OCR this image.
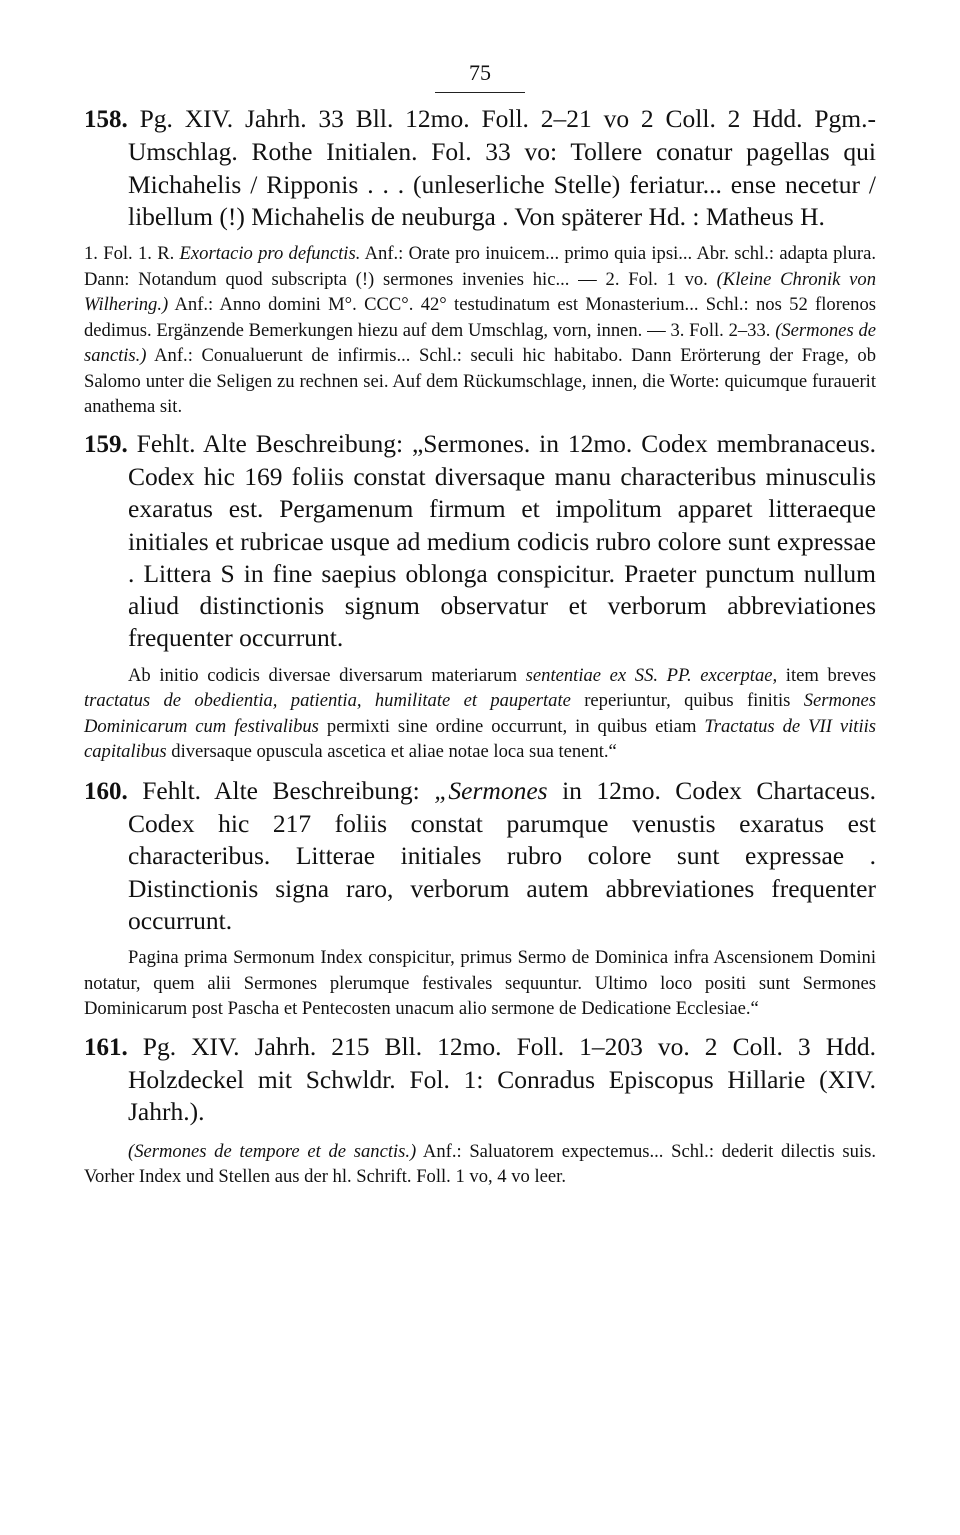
75

158. Pg. XIV. Jahrh. 33 Bll. 12mo. Foll. 2–21 vo 2 Coll. 2 Hdd. Pgm.-Umschlag. Rothe Initialen. Fol. 33 vo: Tollere conatur pagellas qui Michahelis / Ripponis . . . (unleserliche Stelle) feriatur... ense necetur / libellum (!) Michahelis de neuburga . Von späterer Hd. : Matheus H.

1. Fol. 1. R. Exortacio pro defunctis. Anf.: Orate pro inuicem... primo quia ipsi... Abr. schl.: adapta plura. Dann: Notandum quod subscripta (!) sermones invenies hic... — 2. Fol. 1 vo. (Kleine Chronik von Wilhering.) Anf.: Anno domini M°. CCC°. 42° testudinatum est Monasterium... Schl.: nos 52 florenos dedimus. Ergänzende Bemerkungen hiezu auf dem Umschlag, vorn, innen. — 3. Foll. 2–33. (Sermones de sanctis.) Anf.: Conualuerunt de infirmis... Schl.: seculi hic habitabo. Dann Erörterung der Frage, ob Salomo unter die Seligen zu rechnen sei. Auf dem Rückumschlage, innen, die Worte: quicumque furauerit anathema sit.

159. Fehlt. Alte Beschreibung: „Sermones. in 12mo. Codex membranaceus. Codex hic 169 foliis constat diversaque manu characteribus minusculis exaratus est. Pergamenum firmum et impolitum apparet litteraeque initiales et rubricae usque ad medium codicis rubro colore sunt expressae . Littera S in fine saepius oblonga conspicitur. Praeter punctum nullum aliud distinctionis signum observatur et verborum abbreviationes frequenter occurrunt.

Ab initio codicis diversae diversarum materiarum sententiae ex SS. PP. excerptae, item breves tractatus de obedientia, patientia, humilitate et paupertate reperiuntur, quibus finitis Sermones Dominicarum cum festivalibus permixti sine ordine occurrunt, in quibus etiam Tractatus de VII vitiis capitalibus diversaque opuscula ascetica et aliae notae loca sua tenent.“

160. Fehlt. Alte Beschreibung: „Sermones in 12mo. Codex Chartaceus. Codex hic 217 foliis constat parumque venustis exaratus est characteribus. Litterae initiales rubro colore sunt expressae . Distinctionis signa raro, verborum autem abbreviationes frequenter occurrunt.

Pagina prima Sermonum Index conspicitur, primus Sermo de Dominica infra Ascensionem Domini notatur, quem alii Sermones plerumque festivales sequuntur. Ultimo loco positi sunt Sermones Dominicarum post Pascha et Pentecosten unacum alio sermone de Dedicatione Ecclesiae.“

161. Pg. XIV. Jahrh. 215 Bll. 12mo. Foll. 1–203 vo. 2 Coll. 3 Hdd. Holzdeckel mit Schwldr. Fol. 1: Conradus Episcopus Hillarie (XIV. Jahrh.).

(Sermones de tempore et de sanctis.) Anf.: Saluatorem expectemus... Schl.: dederit dilectis suis. Vorher Index und Stellen aus der hl. Schrift. Foll. 1 vo, 4 vo leer.
